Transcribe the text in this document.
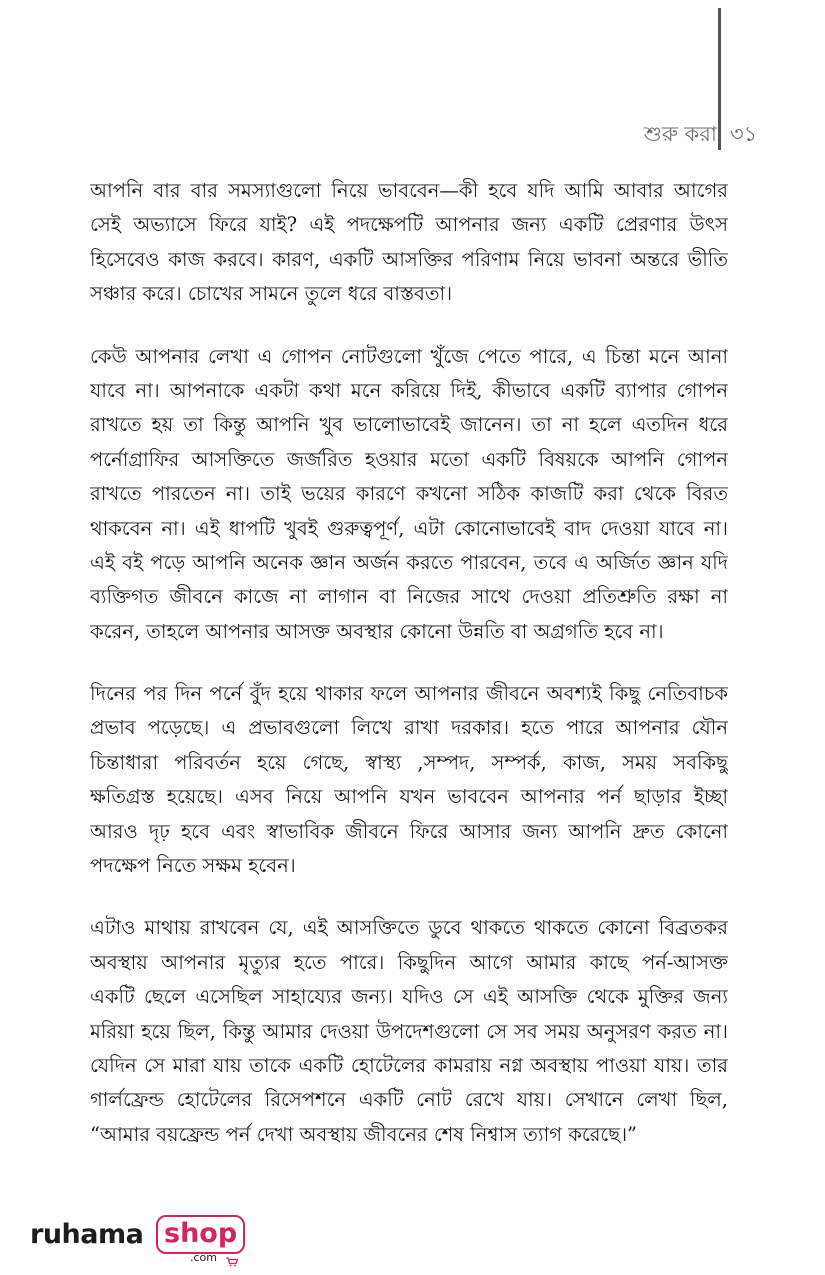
শুরু করা ৩১
আপনি বার বার সমস্যাগুলো নিয়ে ভাববেন—কী হবে যদি আমি আবার আগের
সেই অভ্যাসে ফিরে যাই? এই পদক্ষেপটি আপনার জন্য একটি প্রেরণার উৎস
হিসেবেও কাজ করবে। কারণ, একটি আসক্তির পরিণাম নিয়ে ভাবনা অন্তরে ভীতি
সঞ্চার করে। চোখের সামনে তুলে ধরে বাস্তবতা।
কেউ আপনার লেখা এ গোপন নোটগুলো খুঁজে পেতে পারে, এ চিন্তা মনে আনা
যাবে না। আপনাকে একটা কথা মনে করিয়ে দিই, কীভাবে একটি ব্যাপার গোপন
রাখতে হয় তা কিন্তু আপনি খুব ভালোভাবেই জানেন। তা না হলে এতদিন ধরে
পর্নোগ্রাফির আসক্তিতে জর্জরিত হওয়ার মতো একটি বিষয়কে আপনি গোপন
রাখতে পারতেন না। তাই ভয়ের কারণে কখনো সঠিক কাজটি করা থেকে বিরত
থাকবেন না। এই ধাপটি খুবই গুরুত্বপূর্ণ, এটা কোনোভাবেই বাদ দেওয়া যাবে না।
এই বই পড়ে আপনি অনেক জ্ঞান অর্জন করতে পারবেন, তবে এ অর্জিত জ্ঞান যদি
ব্যক্তিগত জীবনে কাজে না লাগান বা নিজের সাথে দেওয়া প্রতিশ্রুতি রক্ষা না
করেন, তাহলে আপনার আসক্ত অবস্থার কোনো উন্নতি বা অগ্রগতি হবে না।
দিনের পর দিন পর্নে বুঁদ হয়ে থাকার ফলে আপনার জীবনে অবশ্যই কিছু নেতিবাচক
প্রভাব পড়েছে। এ প্রভাবগুলো লিখে রাখা দরকার। হতে পারে আপনার যৌন
চিন্তাধারা পরিবর্তন হয়ে গেছে, স্বাস্থ্য ,সম্পদ, সম্পর্ক, কাজ, সময় সবকিছু
ক্ষতিগ্রস্ত হয়েছে। এসব নিয়ে আপনি যখন ভাববেন আপনার পর্ন ছাড়ার ইচ্ছা
আরও দৃঢ় হবে এবং স্বাভাবিক জীবনে ফিরে আসার জন্য আপনি দ্রুত কোনো
পদক্ষেপ নিতে সক্ষম হবেন।
এটাও মাথায় রাখবেন যে, এই আসক্তিতে ডুবে থাকতে থাকতে কোনো বিব্রতকর
অবস্থায় আপনার মৃত্যুর হতে পারে। কিছুদিন আগে আমার কাছে পর্ন-আসক্ত
একটি ছেলে এসেছিল সাহায্যের জন্য। যদিও সে এই আসক্তি থেকে মুক্তির জন্য
মরিয়া হয়ে ছিল, কিন্তু আমার দেওয়া উপদেশগুলো সে সব সময় অনুসরণ করত না।
যেদিন সে মারা যায় তাকে একটি হোটেলের কামরায় নগ্ন অবস্থায় পাওয়া যায়। তার
গার্লফ্রেন্ড হোটেলের রিসেপশনে একটি নোট রেখে যায়। সেখানে লেখা ছিল,
“আমার বয়ফ্রেন্ড পর্ন দেখা অবস্থায় জীবনের শেষ নিশ্বাস ত্যাগ করেছে।”
ruhama shop
.com
